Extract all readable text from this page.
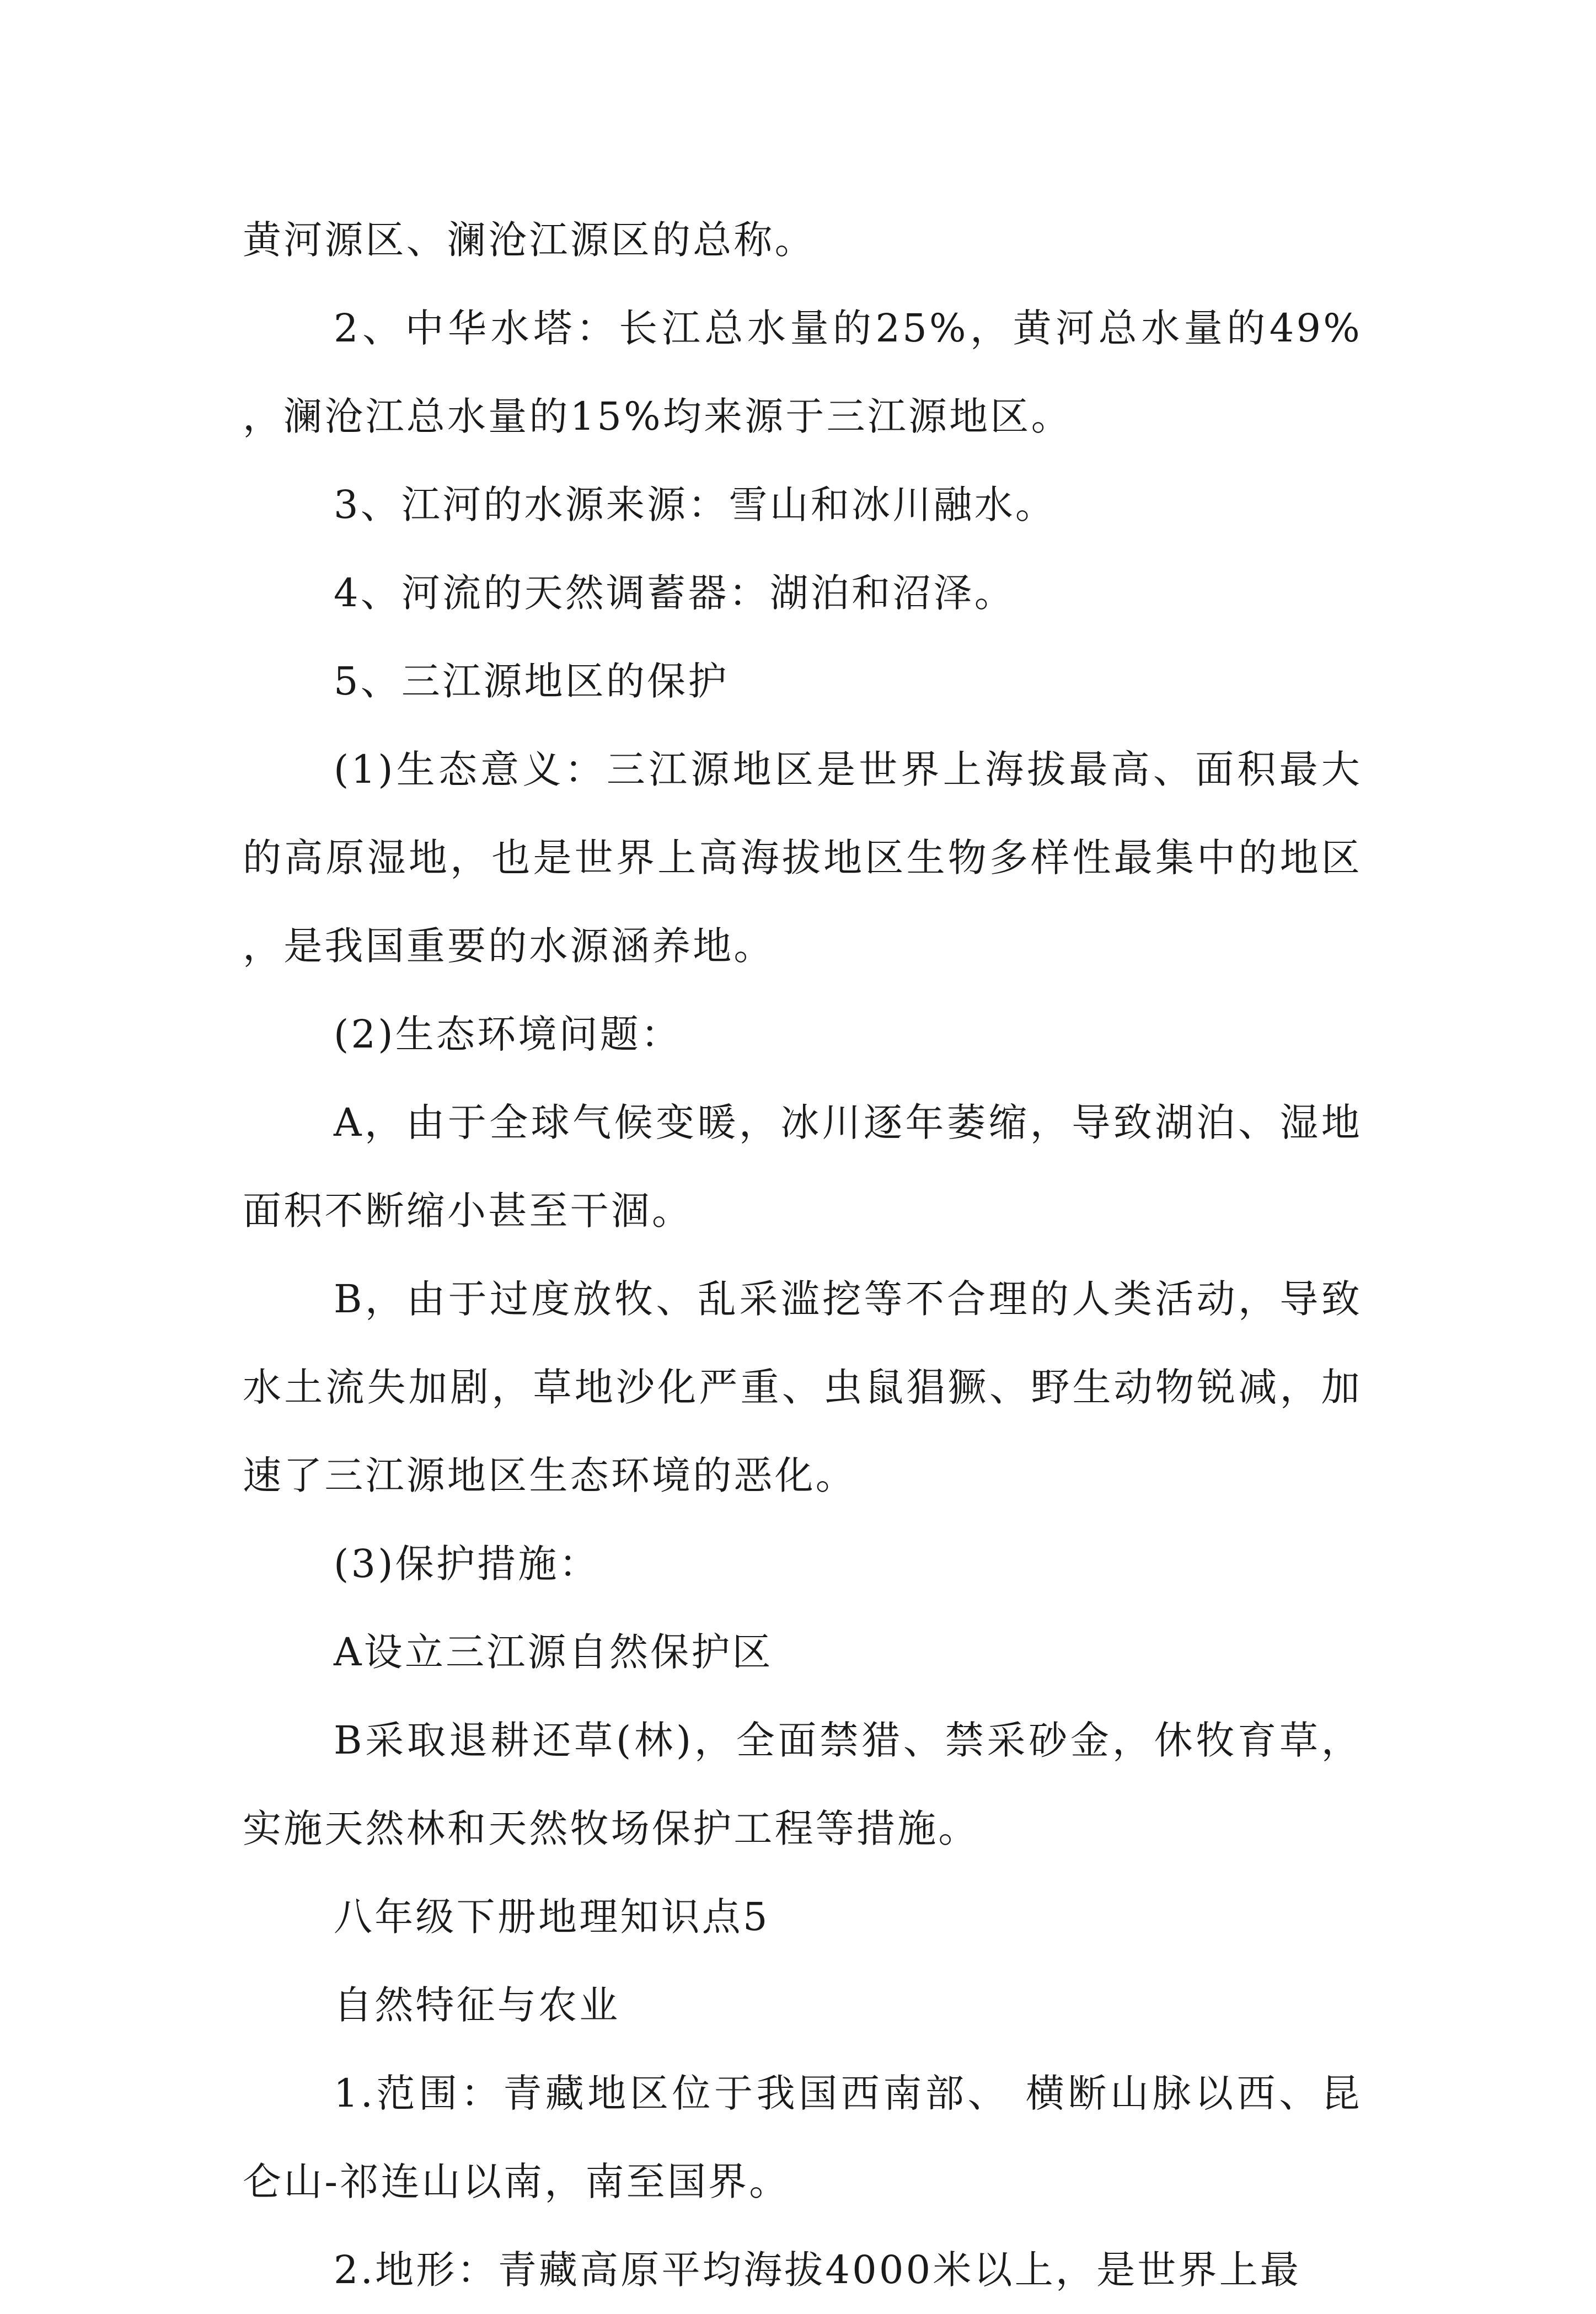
黄河源区、澜沧江源区的总称。

2、中华水塔：长江总水量的25%，黄河总水量的49%，澜沧江总水量的15%均来源于三江源地区。

3、江河的水源来源：雪山和冰川融水。

4、河流的天然调蓄器：湖泊和沼泽。

5、三江源地区的保护

(1)生态意义：三江源地区是世界上海拔最高、面积最大的高原湿地，也是世界上高海拔地区生物多样性最集中的地区，是我国重要的水源涵养地。

(2)生态环境问题：

A，由于全球气候变暖，冰川逐年萎缩，导致湖泊、湿地面积不断缩小甚至干涸。

B，由于过度放牧、乱采滥挖等不合理的人类活动，导致水土流失加剧，草地沙化严重、虫鼠猖獗、野生动物锐减，加速了三江源地区生态环境的恶化。

(3)保护措施：

A设立三江源自然保护区

B采取退耕还草(林)，全面禁猎、禁采砂金，休牧育草，实施天然林和天然牧场保护工程等措施。

八年级下册地理知识点5

自然特征与农业

1.范围：青藏地区位于我国西南部、 横断山脉以西、昆仑山-祁连山以南，南至国界。

2.地形：青藏高原平均海拔4000米以上，是世界上最
